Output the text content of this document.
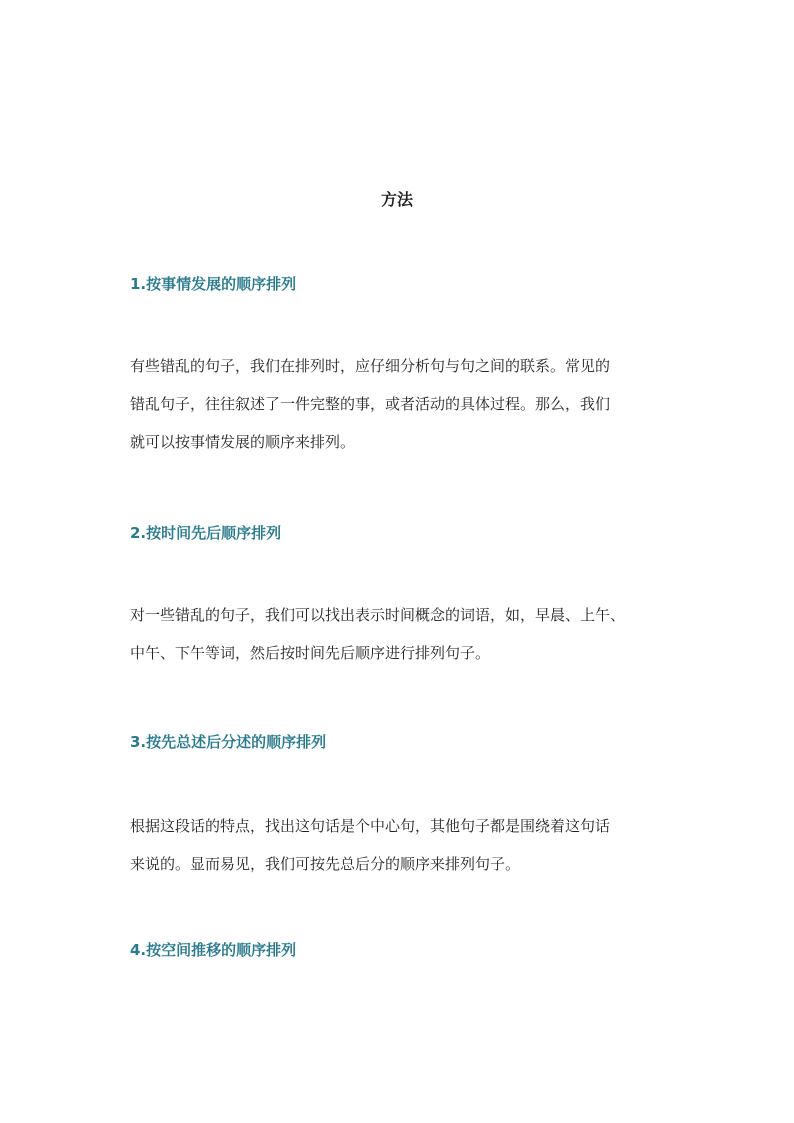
方法
1.按事情发展的顺序排列
有些错乱的句子，我们在排列时，应仔细分析句与句之间的联系。常见的
错乱句子，往往叙述了一件完整的事，或者活动的具体过程。那么，我们
就可以按事情发展的顺序来排列。
2.按时间先后顺序排列
对一些错乱的句子，我们可以找出表示时间概念的词语，如，早晨、上午、
中午、下午等词，然后按时间先后顺序进行排列句子。
3.按先总述后分述的顺序排列
根据这段话的特点，找出这句话是个中心句，其他句子都是围绕着这句话
来说的。显而易见，我们可按先总后分的顺序来排列句子。
4.按空间推移的顺序排列
